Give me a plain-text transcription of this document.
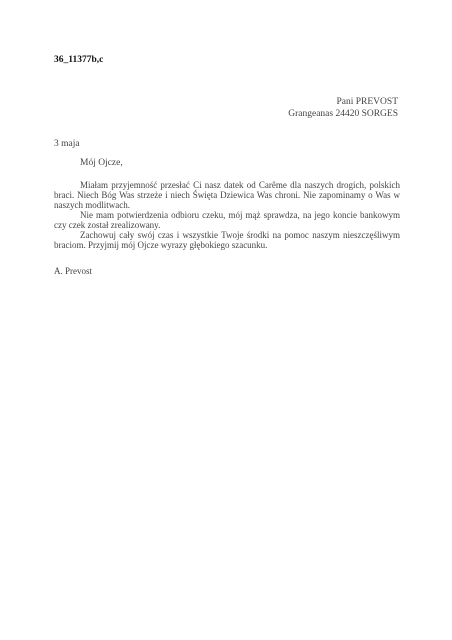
36_11377b,c
Pani PREVOST
Grangeanas 24420 SORGES
3 maja
Mój Ojcze,

Miałam przyjemność przesłać Ci nasz datek od Carême dla naszych drogich, polskich braci. Niech Bóg Was strzeże i niech Święta Dziewica Was chroni. Nie zapominamy o Was w naszych modlitwach.

Nie mam potwierdzenia odbioru czeku, mój mąż sprawdza, na jego koncie bankowym czy czek został zrealizowany.

Zachowuj cały swój czas i wszystkie Twoje środki na pomoc naszym nieszczęśliwym braciom. Przyjmij mój Ojcze wyrazy głębokiego szacunku.

A. Prevost
